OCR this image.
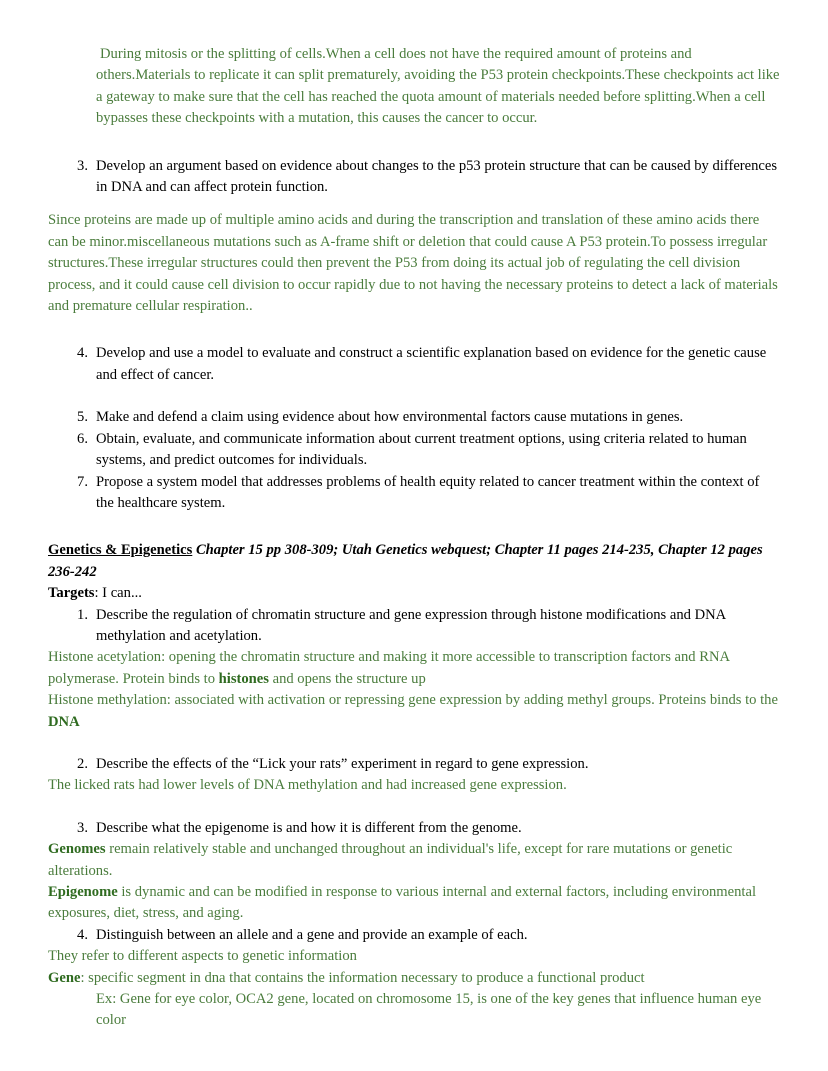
During mitosis or the splitting of cells.When a cell does not have the required amount of proteins and others.Materials to replicate it can split prematurely, avoiding the P53 protein checkpoints.These checkpoints act like a gateway to make sure that the cell has reached the quota amount of materials needed before splitting.When a cell bypasses these checkpoints with a mutation, this causes the cancer to occur.

3. Develop an argument based on evidence about changes to the p53 protein structure that can be caused by differences in DNA and can affect protein function.

Since proteins are made up of multiple amino acids and during the transcription and translation of these amino acids there can be minor.miscellaneous mutations such as A-frame shift or deletion that could cause A P53 protein.To possess irregular structures.These irregular structures could then prevent the P53 from doing its actual job of regulating the cell division process, and it could cause cell division to occur rapidly due to not having the necessary proteins to detect a lack of materials and premature cellular respiration..

4. Develop and use a model to evaluate and construct a scientific explanation based on evidence for the genetic cause and effect of cancer.
5. Make and defend a claim using evidence about how environmental factors cause mutations in genes.
6. Obtain, evaluate, and communicate information about current treatment options, using criteria related to human systems, and predict outcomes for individuals.
7. Propose a system model that addresses problems of health equity related to cancer treatment within the context of the healthcare system.
Genetics & Epigenetics Chapter 15 pp 308-309; Utah Genetics webquest; Chapter 11 pages 214-235, Chapter 12 pages 236-242
Targets: I can...
1. Describe the regulation of chromatin structure and gene expression through histone modifications and DNA methylation and acetylation.

Histone acetylation: opening the chromatin structure and making it more accessible to transcription factors and RNA polymerase. Protein binds to histones and opens the structure up

Histone methylation: associated with activation or repressing gene expression by adding methyl groups. Proteins binds to the DNA

2. Describe the effects of the “Lick your rats” experiment in regard to gene expression.

The licked rats had lower levels of DNA methylation and had increased gene expression.

3. Describe what the epigenome is and how it is different from the genome.

Genomes remain relatively stable and unchanged throughout an individual's life, except for rare mutations or genetic alterations.

Epigenome is dynamic and can be modified in response to various internal and external factors, including environmental exposures, diet, stress, and aging.

4. Distinguish between an allele and a gene and provide an example of each.

They refer to different aspects to genetic information

Gene: specific segment in dna that contains the information necessary to produce a functional product

Ex: Gene for eye color, OCA2 gene, located on chromosome 15, is one of the key genes that influence human eye color
